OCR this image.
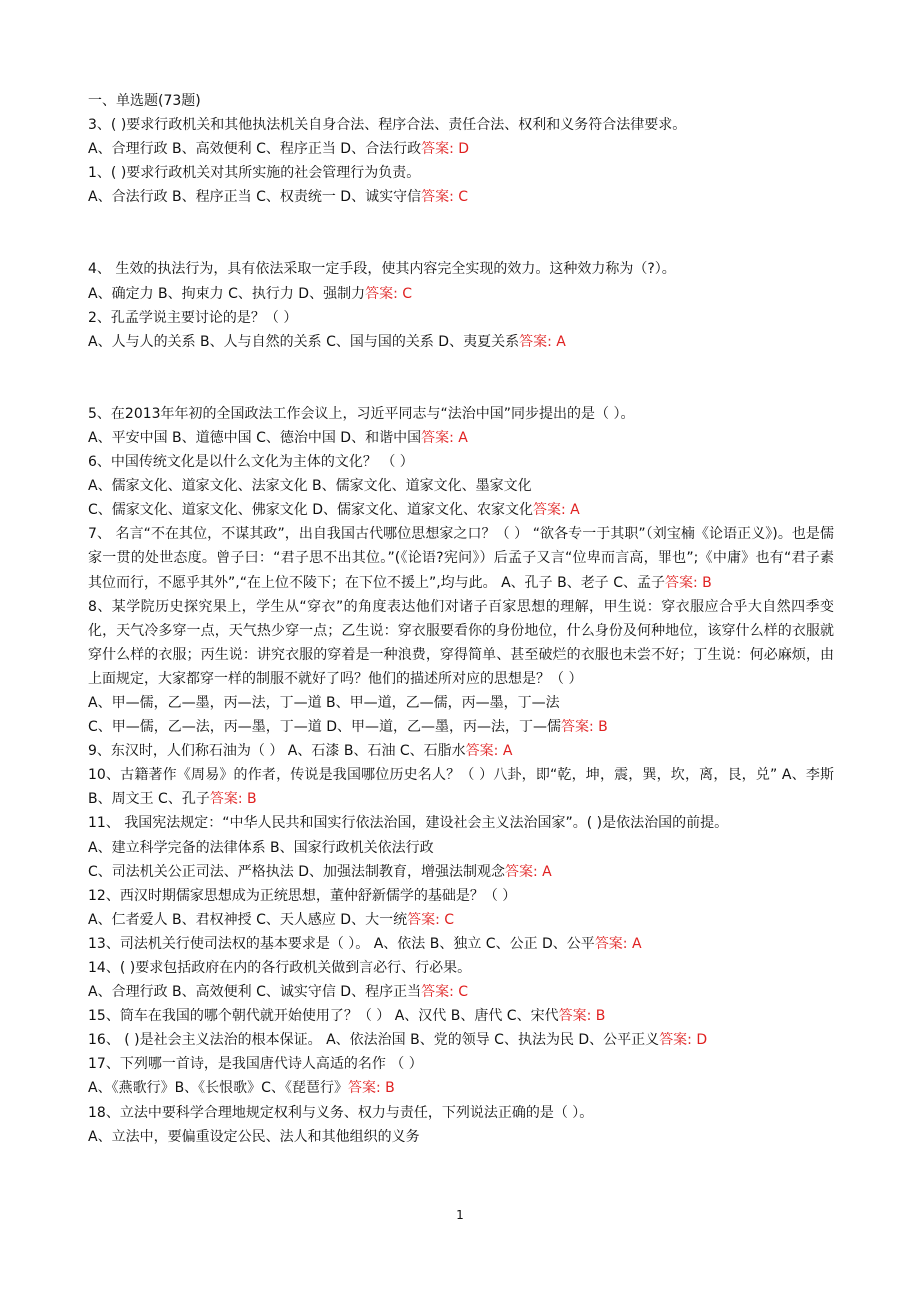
一、单选题(73题)

3、( )要求行政机关和其他执法机关自身合法、程序合法、责任合法、权利和义务符合法律要求。

A、合理行政 B、高效便利 C、程序正当 D、合法行政答案: D

1、( )要求行政机关对其所实施的社会管理行为负责。

A、合法行政 B、程序正当 C、权责统一 D、诚实守信答案: C

4、 生效的执法行为，具有依法采取一定手段，使其内容完全实现的效力。这种效力称为（?）。

A、确定力 B、拘束力 C、执行力 D、强制力答案: C

2、孔孟学说主要讨论的是？（ ）

A、人与人的关系 B、人与自然的关系 C、国与国的关系 D、夷夏关系答案: A

5、在2013年年初的全国政法工作会议上，习近平同志与“法治中国”同步提出的是（ ）。

A、平安中国 B、道德中国 C、德治中国 D、和谐中国答案: A

6、中国传统文化是以什么文化为主体的文化？ （ ）

A、儒家文化、道家文化、法家文化 B、儒家文化、道家文化、墨家文化

C、儒家文化、道家文化、佛家文化 D、儒家文化、道家文化、农家文化答案: A

7、 名言“不在其位，不谋其政”，出自我国古代哪位思想家之口？（ ） “欲各专一于其职”（刘宝楠《论语正义》)。也是儒家一贯的处世态度。曾子曰：“君子思不出其位。”(《论语?宪问》）后孟子又言“位卑而言高，罪也”;《中庸》也有“君子素其位而行，不愿乎其外”,“在上位不陵下；在下位不援上”,均与此。 A、孔子 B、老子 C、孟子答案: B

8、某学院历史探究果上，学生从“穿衣”的角度表达他们对诸子百家思想的理解，甲生说：穿衣服应合乎大自然四季变化，天气冷多穿一点，天气热少穿一点；乙生说：穿衣服要看你的身份地位，什么身份及何种地位，该穿什么样的衣服就穿什么样的衣服；丙生说：讲究衣服的穿着是一种浪费，穿得简单、甚至破烂的衣服也未尝不好；丁生说：何必麻烦，由上面规定，大家都穿一样的制服不就好了吗？他们的描述所对应的思想是？（ ）

A、甲—儒，乙—墨，丙—法，丁—道 B、甲—道，乙—儒，丙—墨，丁—法

C、甲—儒，乙—法，丙—墨，丁—道 D、甲—道，乙—墨，丙—法，丁—儒答案: B

9、东汉时，人们称石油为（ ） A、石漆 B、石油 C、石脂水答案: A

10、古籍著作《周易》的作者，传说是我国哪位历史名人？（ ）八卦，即“乾，坤，震，巽，坎，离，艮，兑” A、李斯 B、周文王 C、孔子答案: B

11、 我国宪法规定：“中华人民共和国实行依法治国，建设社会主义法治国家”。( )是依法治国的前提。

A、建立科学完备的法律体系 B、国家行政机关依法行政

C、司法机关公正司法、严格执法 D、加强法制教育，增强法制观念答案: A

12、西汉时期儒家思想成为正统思想，董仲舒新儒学的基础是？（ ）

A、仁者爱人 B、君权神授 C、天人感应 D、大一统答案: C

13、司法机关行使司法权的基本要求是（ ）。 A、依法 B、独立 C、公正 D、公平答案: A

14、( )要求包括政府在内的各行政机关做到言必行、行必果。

A、合理行政 B、高效便利 C、诚实守信 D、程序正当答案: C

15、筒车在我国的哪个朝代就开始使用了？（ ） A、汉代 B、唐代 C、宋代答案: B

16、 ( )是社会主义法治的根本保证。 A、依法治国 B、党的领导 C、执法为民 D、公平正义答案: D

17、下列哪一首诗，是我国唐代诗人高适的名作 （ ）

A、《燕歌行》B、《长恨歌》C、《琵琶行》答案: B

18、立法中要科学合理地规定权利与义务、权力与责任，下列说法正确的是（ ）。

A、立法中，要偏重设定公民、法人和其他组织的义务

1
